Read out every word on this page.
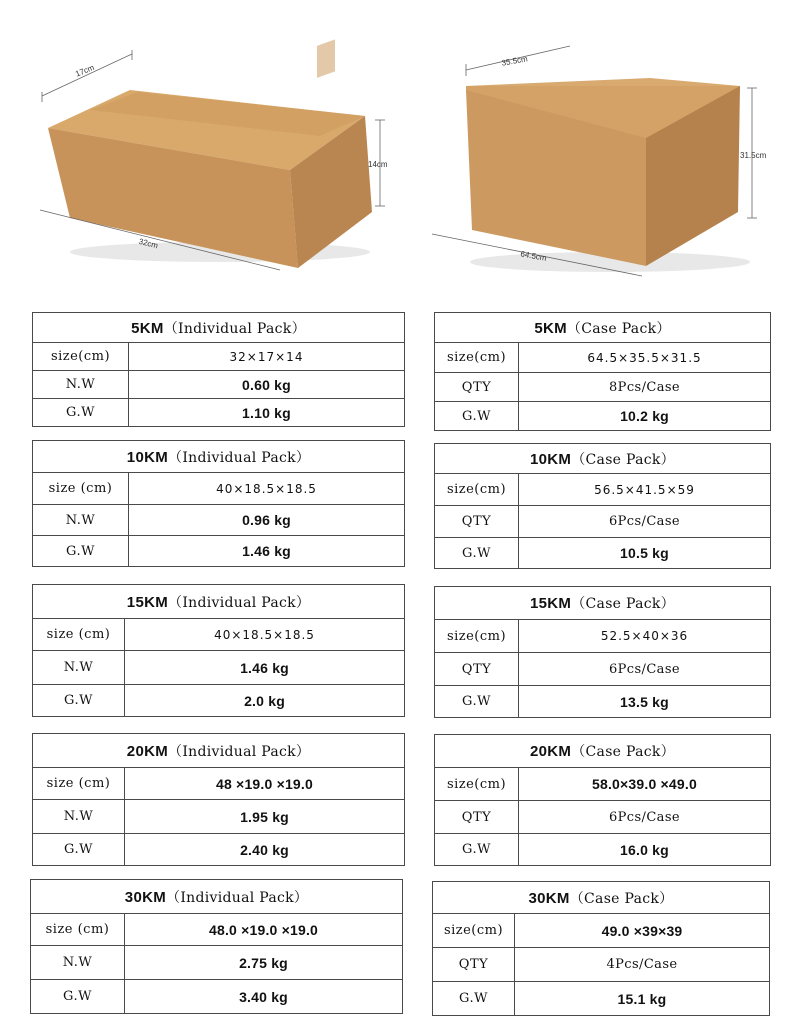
17cm
14cm
32cm
35.5cm
31.5cm
64.5cm
5KM（Individual Pack）	
size(cm)	32×17×14
N.W	0.60 kg
G.W	1.10 kg
10KM（Individual Pack）	
size (cm)	40×18.5×18.5
N.W	0.96 kg
G.W	1.46 kg
15KM（Individual Pack）	
size (cm)	40×18.5×18.5
N.W	1.46 kg
G.W	2.0 kg
20KM（Individual Pack）	
size (cm)	48 ×19.0 ×19.0
N.W	1.95 kg
G.W	2.40 kg
30KM（Individual Pack）	
size (cm)	48.0 ×19.0 ×19.0
N.W	2.75 kg
G.W	3.40 kg
5KM（Case Pack）	
size(cm)	64.5×35.5×31.5
QTY	8Pcs/Case
G.W	10.2 kg
10KM（Case Pack）	
size(cm)	56.5×41.5×59
QTY	6Pcs/Case
G.W	10.5 kg
15KM（Case Pack）	
size(cm)	52.5×40×36
QTY	6Pcs/Case
G.W	13.5 kg
20KM（Case Pack）	
size(cm)	58.0×39.0 ×49.0
QTY	6Pcs/Case
G.W	16.0 kg
30KM（Case Pack）	
size(cm)	49.0 ×39×39
QTY	4Pcs/Case
G.W	15.1 kg
